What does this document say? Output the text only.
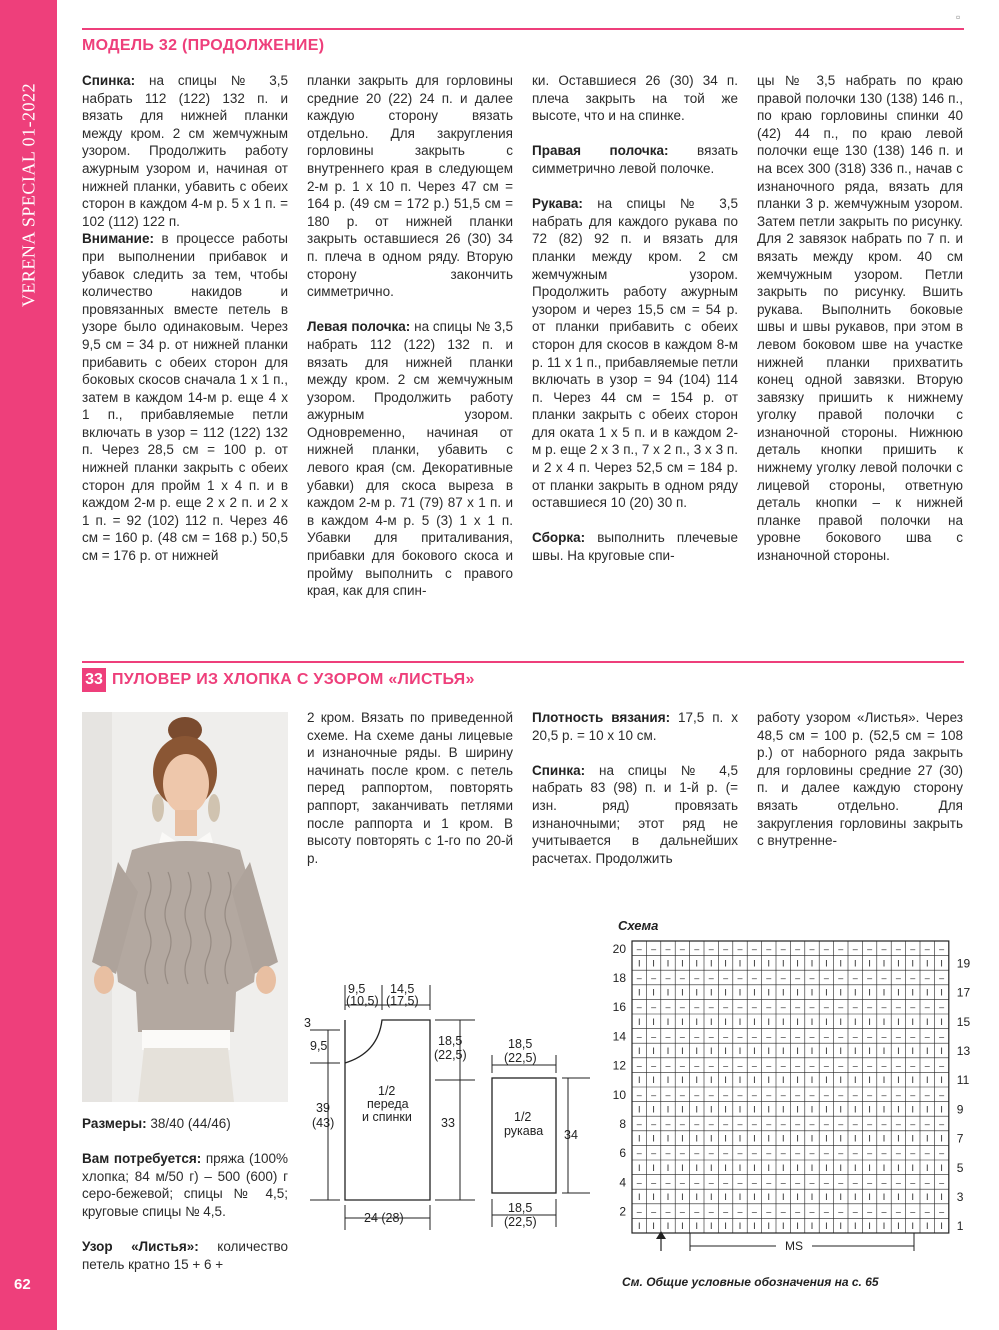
VERENA SPECIAL 01-2022
62
▫
МОДЕЛЬ 32 (ПРОДОЛЖЕНИЕ)

Спинка: на спицы № 3,5 набрать 112 (122) 132 п. и вязать для нижней планки между кром. 2 см жемчужным узором. Продолжить работу ажурным узором и, начиная от нижней планки, убавить с обеих сторон в каждом 4-м р. 5 х 1 п. = 102 (112) 122 п.

Внимание: в процессе работы при выполнении прибавок и убавок следить за тем, чтобы количество накидов и провязанных вместе петель в узоре было одинаковым. Через 9,5 см = 34 р. от нижней планки прибавить с обеих сторон для боковых скосов сначала 1 х 1 п., затем в каждом 14-м р. еще 4 х 1 п., прибавляемые петли включать в узор = 112 (122) 132 п. Через 28,5 см = 100 р. от нижней планки закрыть с обеих сторон для пройм 1 х 4 п. и в каждом 2-м р. еще 2 х 2 п. и 2 х 1 п. = 92 (102) 112 п. Через 46 см = 160 р. (48 см = 168 р.) 50,5 см = 176 р. от нижней

планки закрыть для горловины средние 20 (22) 24 п. и далее каждую сторону вязать отдельно. Для закругления горловины закрыть с внутреннего края в следующем 2-м р. 1 х 10 п. Через 47 см = 164 р. (49 см = 172 р.) 51,5 см = 180 р. от нижней планки закрыть оставшиеся 26 (30) 34 п. плеча в одном ряду. Вторую сторону закончить симметрично.

Левая полочка: на спицы № 3,5 набрать 112 (122) 132 п. и вязать для нижней планки между кром. 2 см жемчужным узором. Продолжить работу ажурным узором. Одновременно, начиная от нижней планки, убавить с левого края (см. Декоративные убавки) для скоса выреза в каждом 2-м р. 71 (79) 87 х 1 п. и в каждом 4-м р. 5 (3) 1 х 1 п. Убавки для приталивания, прибавки для бокового скоса и пройму выполнить с правого края, как для спин-

ки. Оставшиеся 26 (30) 34 п. плеча закрыть на той же высоте, что и на спинке.

Правая полочка: вязать симметрично левой полочке.

Рукава: на спицы № 3,5 набрать для каждого рукава по 72 (82) 92 п. и вязать для планки между кром. 2 см жемчужным узором. Продолжить работу ажурным узором и через 15,5 см = 54 р. от планки прибавить с обеих сторон для скосов в каждом 8-м р. 11 х 1 п., прибавляемые петли включать в узор = 94 (104) 114 п. Через 44 см = 154 р. от планки закрыть с обеих сторон для оката 1 х 5 п. и в каждом 2-м р. еще 2 х 3 п., 7 х 2 п., 3 х 3 п. и 2 х 4 п. Через 52,5 см = 184 р. от планки закрыть в одном ряду оставшиеся 10 (20) 30 п.

Сборка: выполнить плечевые швы. На круговые спи-

цы № 3,5 набрать по краю правой полочки 130 (138) 146 п., по краю горловины спинки 40 (42) 44 п., по краю левой полочки еще 130 (138) 146 п. и на всех 300 (318) 336 п., начав с изнаночного ряда, вязать для планки 3 р. жемчужным узором. Затем петли закрыть по рисунку. Для 2 завязок набрать по 7 п. и вязать между кром. 40 см жемчужным узором. Петли закрыть по рисунку. Вшить рукава. Выполнить боковые швы и швы рукавов, при этом в левом боковом шве на участке нижней планки прихватить конец одной завязки. Вторую завязку пришить к нижнему уголку правой полочки с изнаночной стороны. Нижнюю деталь кнопки пришить к нижнему уголку левой полочки с лицевой стороны, ответную деталь кнопки – к нижней планке правой полочки на уровне бокового шва с изнаночной стороны.

33 ПУЛОВЕР ИЗ ХЛОПКА С УЗОРОМ «ЛИСТЬЯ»

Размеры: 38/40 (44/46)

Вам потребуется: пряжа (100% хлопка; 84 м/50 г) – 500 (600) г серо-бежевой; спицы № 4,5; круговые спицы № 4,5.

Узор «Листья»: количество петель кратно 15 + 6 +

2 кром. Вязать по приведенной схеме. На схеме даны лицевые и изнаночные ряды. В ширину начинать после кром. с петель перед раппортом, повторять раппорт, заканчивать петлями после раппорта и 1 кром. В высоту повторять с 1-го по 20-й р.

Плотность вязания: 17,5 п. х 20,5 р. = 10 х 10 см.

Спинка: на спицы № 4,5 набрать 83 (98) п. и 1-й р. (= изн. ряд) провязать изнаночными; этот ряд не учитывается в дальнейших расчетах. Продолжить

работу узором «Листья». Через 48,5 см = 100 р. (52,5 см = 108 р.) от наборного ряда закрыть для горловины средние 27 (30) п. и далее каждую сторону вязать отдельно. Для закругления горловины закрыть с внутренне-

9,5
(10,5)
14,5
(17,5)
3
9,5	18,5
(22,5)
39
(43)
1/2
переда
и спинки 33
24 (28)
18,5
(22,5)
1/2
рукава 34
18,5
(22,5)
Схема
– – – – – – – – – – – – – – – – – – – – – –
I I I I I I I I I I I I I I I I I I I I I I
– – – – – – – – – – – – – – – – – – – – – –
I I I I I I I I I I I I I I I I I I I I I I
– – – – – – – – – – – – – – – – – – – – – –
I I I I I I I I I I I I I I I I I I I I I I
– – – – – – – – – – – – – – – – – – – – – –
I I I I I I I I I I I I I I I I I I I I I I
– – – – – – – – – – – – – – – – – – – – – –
I I I I I I I I I I I I I I I I I I I I I I
– – – – – – – – – – – – – – – – – – – – – –
I I I I I I I I I I I I I I I I I I I I I I
– – – – – – – – – – – – – – – – – – – – – –
I I I I I I I I I I I I I I I I I I I I I I
– – – – – – – – – – – – – – – – – – – – – –
I I I I I I I I I I I I I I I I I I I I I I
– – – – – – – – – – – – – – – – – – – – – –
I I I I I I I I I I I I I I I I I I I I I I
– – – – – – – – – – – – – – – – – – – – – –
I I I I I I I I I I I I I I I I I I I I I I
20
18
16
14
12
10
8
6
4
2
19
17
15
13
11
9
7
5
3
1
MS
См. Общие условные обозначения на с. 65
